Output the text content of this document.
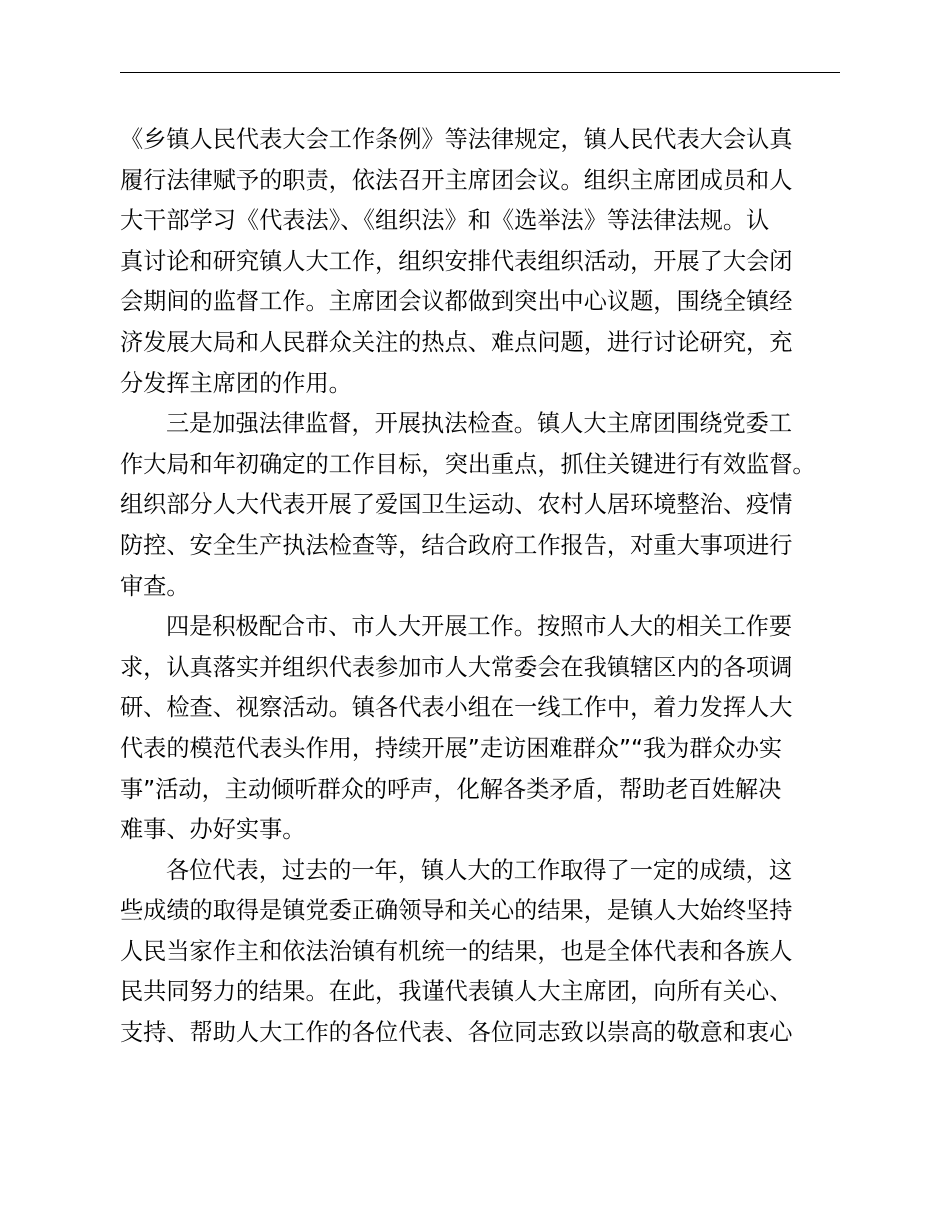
《乡镇人民代表大会工作条例》等法律规定，镇人民代表大会认真
履行法律赋予的职责，依法召开主席团会议。组织主席团成员和人
大干部学习《代表法》、《组织法》和《选举法》等法律法规。认
真讨论和研究镇人大工作，组织安排代表组织活动，开展了大会闭
会期间的监督工作。主席团会议都做到突出中心议题，围绕全镇经
济发展大局和人民群众关注的热点、难点问题，进行讨论研究，充
分发挥主席团的作用。
三是加强法律监督，开展执法检查。镇人大主席团围绕党委工
作大局和年初确定的工作目标，突出重点，抓住关键进行有效监督。
组织部分人大代表开展了爱国卫生运动、农村人居环境整治、疫情
防控、安全生产执法检查等，结合政府工作报告，对重大事项进行
审查。
四是积极配合市、市人大开展工作。按照市人大的相关工作要
求，认真落实并组织代表参加市人大常委会在我镇辖区内的各项调
研、检查、视察活动。镇各代表小组在一线工作中，着力发挥人大
代表的模范代表头作用，持续开展”走访困难群众”“我为群众办实
事”活动，主动倾听群众的呼声，化解各类矛盾，帮助老百姓解决
难事、办好实事。
各位代表，过去的一年，镇人大的工作取得了一定的成绩，这
些成绩的取得是镇党委正确领导和关心的结果，是镇人大始终坚持
人民当家作主和依法治镇有机统一的结果，也是全体代表和各族人
民共同努力的结果。在此，我谨代表镇人大主席团，向所有关心、
支持、帮助人大工作的各位代表、各位同志致以崇高的敬意和衷心
